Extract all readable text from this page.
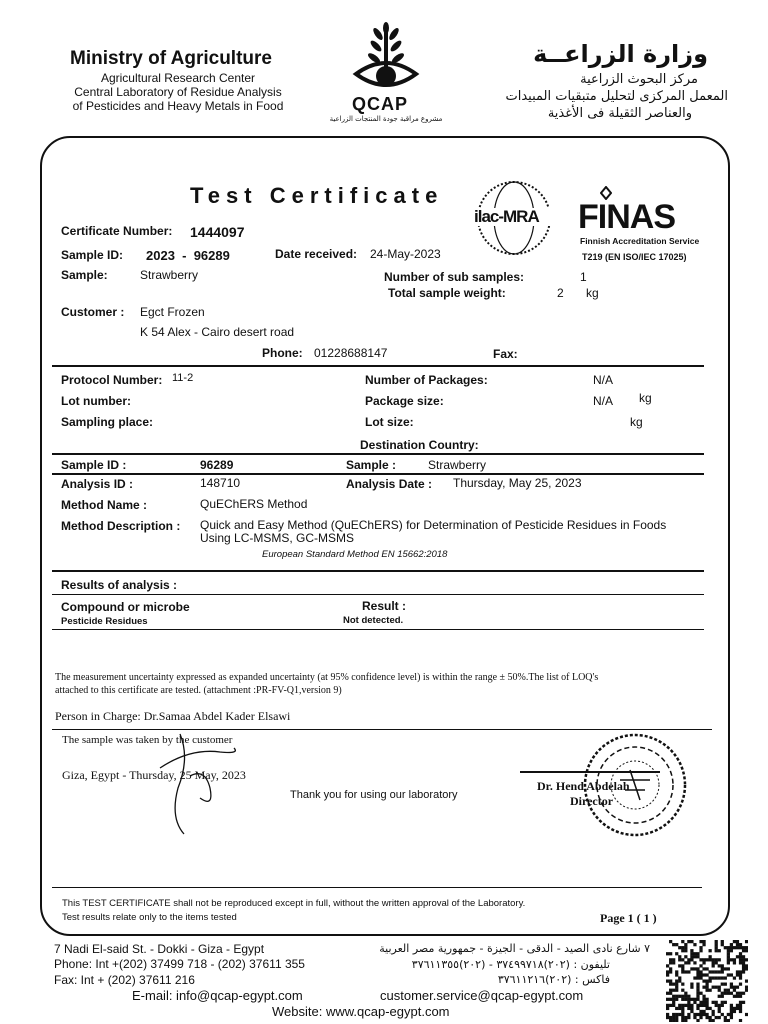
Ministry of Agriculture
Agricultural Research Center
Central Laboratory of Residue Analysis
of Pesticides and Heavy Metals in Food	QCAP
مشروع مراقبة جودة المنتجات الزراعية
وزارة الزراعــة
مركز البحوث الزراعية
المعمل المركزى لتحليل متبقيات المبيدات
والعناصر الثقيلة فى الأغذية
Test Certificate
ilac-MRA FINAS
Finnish Accreditation Service
T219 (EN ISO/IEC 17025)
Certificate Number: 1444097
Sample ID: 2023  -  96289	Date received: 24-May-2023
Sample:	Strawberry	Number of sub samples:	1
Total sample weight:	2 kg
Customer : Egct Frozen
K 54 Alex - Cairo desert road
Phone: 01228688147	Fax:
Protocol Number: 11-2	Number of Packages:	N/A
Lot number:	Package size:	N/A kg
Sampling place:	Lot size:	kg
Destination Country:
Sample ID :	96289	Sample :	Strawberry
Analysis ID :	148710	Analysis Date : Thursday, May 25, 2023
Method Name :	QuEChERS Method
Method Description : Quick and Easy Method (QuEChERS) for Determination of Pesticide Residues in Foods
Using LC-MSMS, GC-MSMS
European Standard Method EN 15662:2018
Results of analysis :
Compound or microbe	Result :
Pesticide Residues	Not detected.
The measurement uncertainty expressed as expanded uncertainty (at 95% confidence level) is within the range ± 50%.The list of LOQ's
attached to this certificate are tested. (attachment :PR-FV-Q1,version 9)
Person in Charge: Dr.Samaa Abdel Kader Elsawi
The sample was taken by the customer
Giza, Egypt - Thursday, 25 May, 2023
Thank you for using our laboratory
Dr. Hend Abdelah
Director
This TEST CERTIFICATE shall not be reproduced except in full, without the written approval of the Laboratory.
Test results relate only to the items tested	Page 1 ( 1 )
7 Nadi El-said St. - Dokki - Giza - Egypt
Phone: Int +(202) 37499 718 - (202) 37611 355
Fax: Int + (202) 37611 216
E-mail: info@qcap-egypt.com	customer.service@qcap-egypt.com
Website: www.qcap-egypt.com
٧ شارع نادى الصيد - الدقى - الجيزة - جمهورية مصر العربية
تليفون : (٢٠٢)٣٧٤٩٩٧١٨ - (٢٠٢)٣٧٦١١٣٥٥
فاكس : (٢٠٢)٣٧٦١١٢١٦
